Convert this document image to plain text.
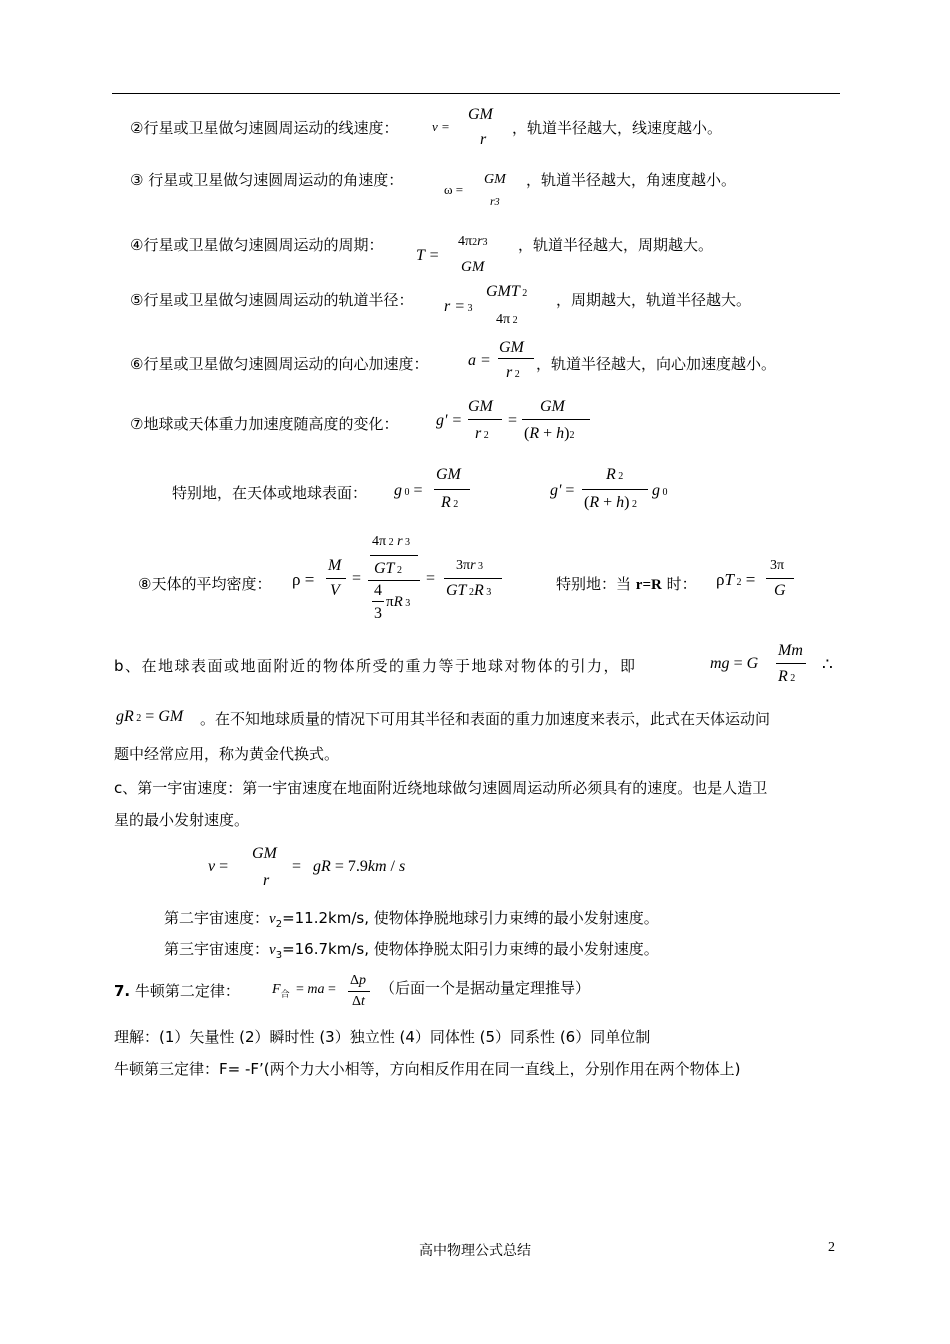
②行星或卫星做匀速圆周运动的线速度：	v =
GM
r
，轨道半径越大，线速度越小。
③ 行星或卫星做匀速圆周运动的角速度：
ω =
GM
r3
，轨道半径越大，角速度越小。
④行星或卫星做匀速圆周运动的周期：
T =
4π2r3
GM
，轨道半径越大，周期越大。
⑤行星或卫星做匀速圆周运动的轨道半径： r = 3
GMT 2
4π 2
，周期越大，轨道半径越大。
⑥行星或卫星做匀速圆周运动的向心加速度： a =
GM
r 2
，轨道半径越大，向心加速度越小。
⑦地球或天体重力加速度随高度的变化： g' =
GM
r 2
=
GM
(R + h)2
特别地，在天体或地球表面： g 0 =
GM
R 2
g' =
R 2
(R + h) 2
g 0
⑧天体的平均密度： ρ =
M
V
=
4π 2 r 3
GT 2
4
3
πR 3
=
3πr 3
GT 2R 3	特别地：当 r=R 时： ρT 2 =
3π
G
b、在地球表面或地面附近的物体所受的重力等于地球对物体的引力，即	mg = G
Mm
R 2
∴
gR 2 = GM 。在不知地球质量的情况下可用其半径和表面的重力加速度来表示，此式在天体运动问
题中经常应用，称为黄金代换式。
c、第一宇宙速度：第一宇宙速度在地面附近绕地球做匀速圆周运动所必须具有的速度。也是人造卫
星的最小发射速度。
v =
GM
r
=   gR = 7.9km / s
第二宇宙速度：$v_2=11.2km/s$, 使物体挣脱地球引力束缚的最小发射速度。
第三宇宙速度：$v_3=16.7km/s$, 使物体挣脱太阳引力束缚的最小发射速度。
7. 牛顿第二定律： $F_合$ = ma =
Δp
Δt
（后面一个是据动量定理推导）
理解：(1）矢量性 (2）瞬时性 (3）独立性 (4）同体性 (5）同系性 (6）同单位制
牛顿第三定律：F= -F’(两个力大小相等，方向相反作用在同一直线上，分别作用在两个物体上)
高中物理公式总结	2
